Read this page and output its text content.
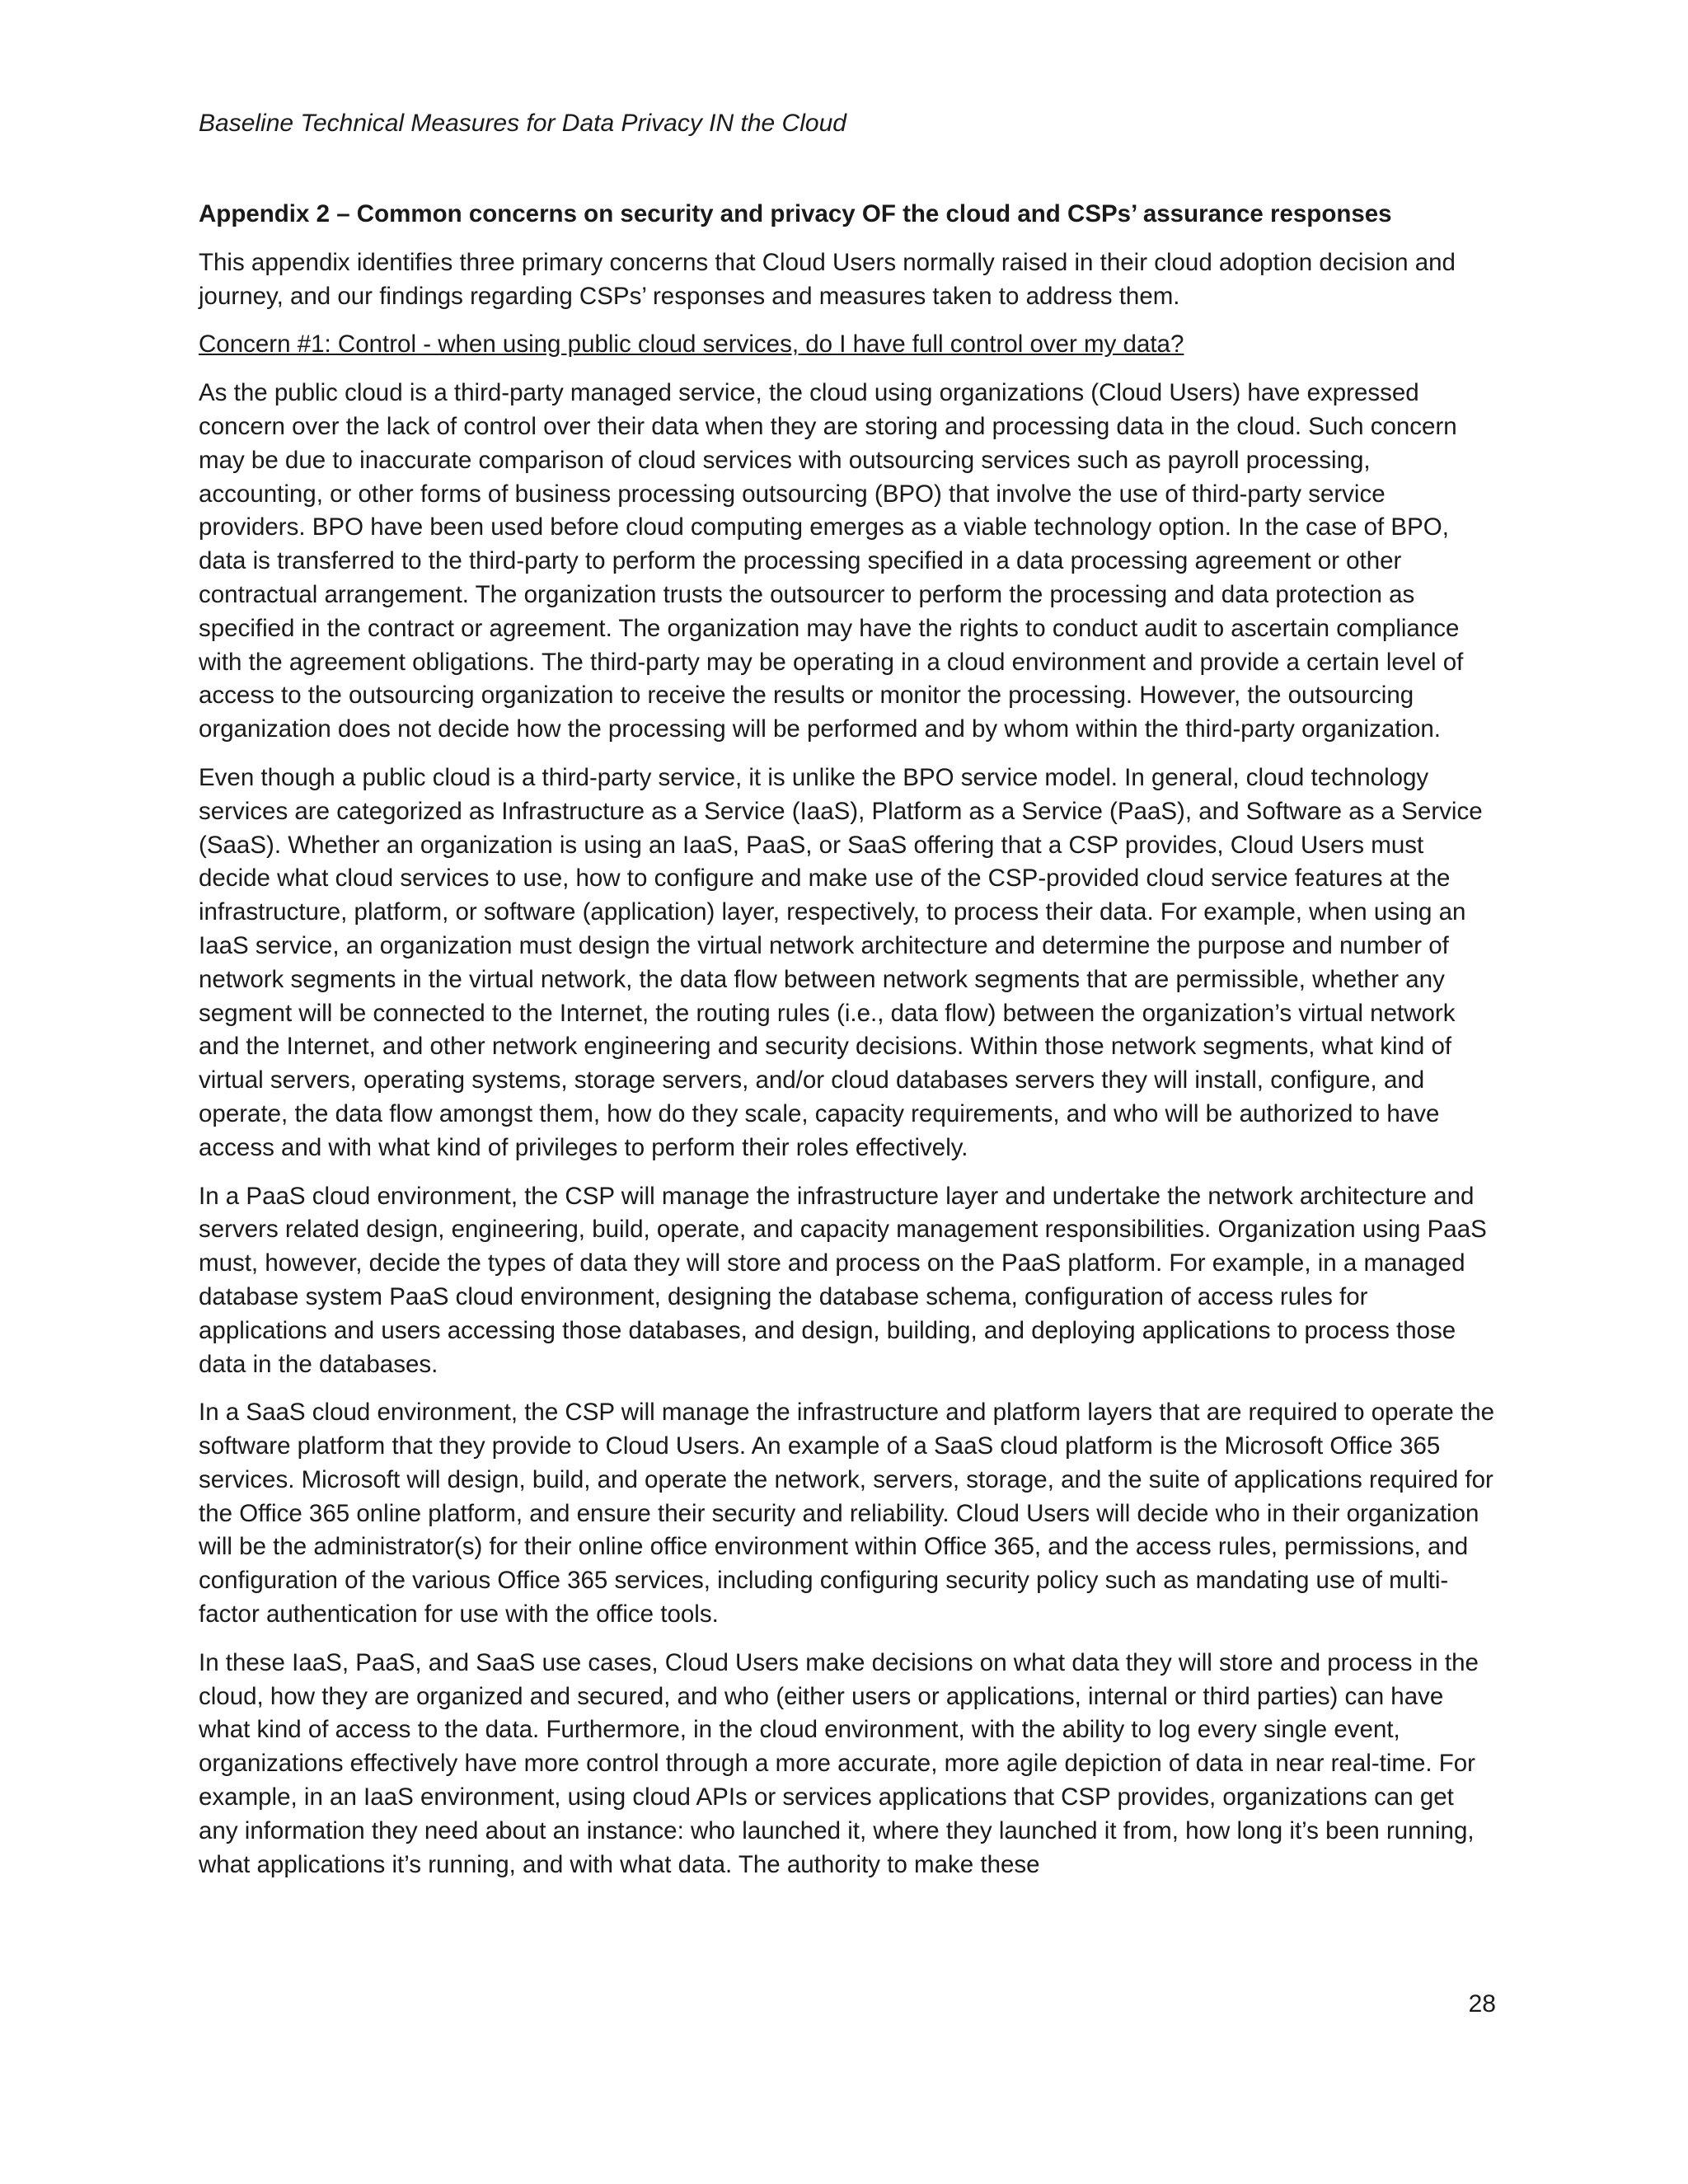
Baseline Technical Measures for Data Privacy IN the Cloud

Appendix 2 – Common concerns on security and privacy OF the cloud and CSPs’ assurance responses

This appendix identifies three primary concerns that Cloud Users normally raised in their cloud adoption decision and journey, and our findings regarding CSPs’ responses and measures taken to address them.

Concern #1: Control - when using public cloud services, do I have full control over my data?

As the public cloud is a third-party managed service, the cloud using organizations (Cloud Users) have expressed concern over the lack of control over their data when they are storing and processing data in the cloud. Such concern may be due to inaccurate comparison of cloud services with outsourcing services such as payroll processing, accounting, or other forms of business processing outsourcing (BPO) that involve the use of third-party service providers. BPO have been used before cloud computing emerges as a viable technology option. In the case of BPO, data is transferred to the third-party to perform the processing specified in a data processing agreement or other contractual arrangement. The organization trusts the outsourcer to perform the processing and data protection as specified in the contract or agreement. The organization may have the rights to conduct audit to ascertain compliance with the agreement obligations. The third-party may be operating in a cloud environment and provide a certain level of access to the outsourcing organization to receive the results or monitor the processing. However, the outsourcing organization does not decide how the processing will be performed and by whom within the third-party organization.

Even though a public cloud is a third-party service, it is unlike the BPO service model. In general, cloud technology services are categorized as Infrastructure as a Service (IaaS), Platform as a Service (PaaS), and Software as a Service (SaaS). Whether an organization is using an IaaS, PaaS, or SaaS offering that a CSP provides, Cloud Users must decide what cloud services to use, how to configure and make use of the CSP-provided cloud service features at the infrastructure, platform, or software (application) layer, respectively, to process their data. For example, when using an IaaS service, an organization must design the virtual network architecture and determine the purpose and number of network segments in the virtual network, the data flow between network segments that are permissible, whether any segment will be connected to the Internet, the routing rules (i.e., data flow) between the organization’s virtual network and the Internet, and other network engineering and security decisions. Within those network segments, what kind of virtual servers, operating systems, storage servers, and/or cloud databases servers they will install, configure, and operate, the data flow amongst them, how do they scale, capacity requirements, and who will be authorized to have access and with what kind of privileges to perform their roles effectively.

In a PaaS cloud environment, the CSP will manage the infrastructure layer and undertake the network architecture and servers related design, engineering, build, operate, and capacity management responsibilities. Organization using PaaS must, however, decide the types of data they will store and process on the PaaS platform. For example, in a managed database system PaaS cloud environment, designing the database schema, configuration of access rules for applications and users accessing those databases, and design, building, and deploying applications to process those data in the databases.

In a SaaS cloud environment, the CSP will manage the infrastructure and platform layers that are required to operate the software platform that they provide to Cloud Users. An example of a SaaS cloud platform is the Microsoft Office 365 services. Microsoft will design, build, and operate the network, servers, storage, and the suite of applications required for the Office 365 online platform, and ensure their security and reliability. Cloud Users will decide who in their organization will be the administrator(s) for their online office environment within Office 365, and the access rules, permissions, and configuration of the various Office 365 services, including configuring security policy such as mandating use of multi-factor authentication for use with the office tools.

In these IaaS, PaaS, and SaaS use cases, Cloud Users make decisions on what data they will store and process in the cloud, how they are organized and secured, and who (either users or applications, internal or third parties) can have what kind of access to the data. Furthermore, in the cloud environment, with the ability to log every single event, organizations effectively have more control through a more accurate, more agile depiction of data in near real-time. For example, in an IaaS environment, using cloud APIs or services applications that CSP provides, organizations can get any information they need about an instance: who launched it, where they launched it from, how long it’s been running, what applications it’s running, and with what data. The authority to make these

28
